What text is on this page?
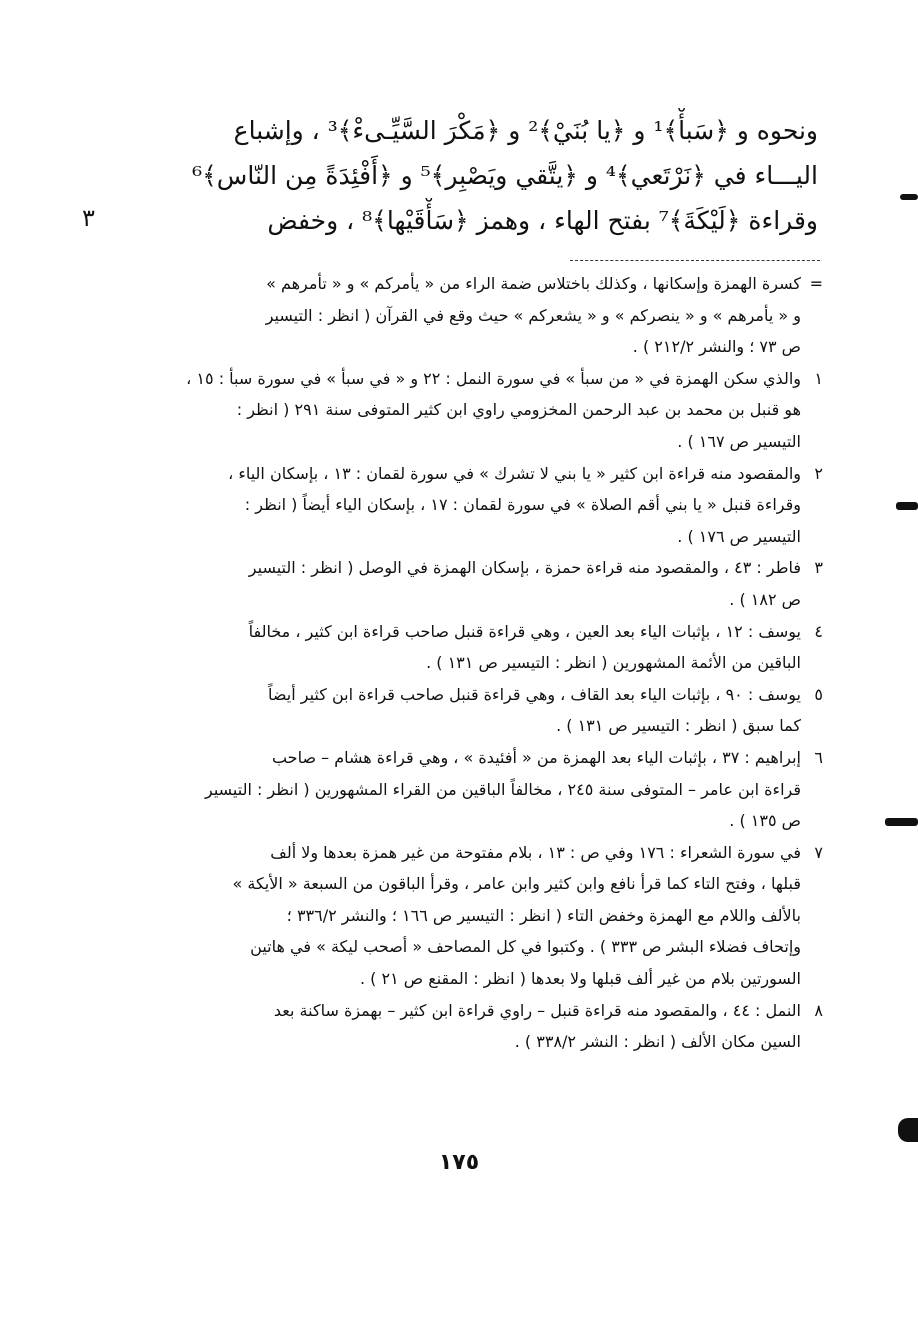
ونحوه و ﴿سَبأْ﴾¹ و ﴿يا بُنَيْ﴾² و ﴿مَكْرَ السَّيِّـىءْ﴾³ ، وإشباع
اليـــاء في ﴿نَرْتَعي﴾⁴ و ﴿يتَّقي ويَصْبِر﴾⁵ و ﴿أَفْئِدَةً مِن النّاس﴾⁶
وقراءة ﴿لَيْكَةَ﴾⁷ بفتح الهاء ، وهمز ﴿سَأْقَيْها﴾⁸ ، وخفض
٣
=
كسرة الهمزة وإسكانها ، وكذلك باختلاس ضمة الراء من « يأمركم » و « تأمرهم »
و « يأمرهم » و « ينصركم » و « يشعركم » حيث وقع في القرآن ( انظر : التيسير
ص ٧٣ ؛ والنشر ٢١٢/٢ ) .
١
والذي سكن الهمزة في « من سبأ » في سورة النمل : ٢٢ و « في سبأ » في سورة سبأ : ١٥ ،
هو قنبل بن محمد بن عبد الرحمن المخزومي راوي ابن كثير المتوفى سنة ٢٩١ ( انظر :
التيسير ص ١٦٧ ) .
٢
والمقصود منه قراءة ابن كثير « يا بني لا تشرك » في سورة لقمان : ١٣ ، بإسكان الياء ،
وقراءة قنبل « يا بني أقم الصلاة » في سورة لقمان : ١٧ ، بإسكان الياء أيضاً ( انظر :
التيسير ص ١٧٦ ) .
٣
فاطر : ٤٣ ، والمقصود منه قراءة حمزة ، بإسكان الهمزة في الوصل ( انظر : التيسير
ص ١٨٢ ) .
٤
يوسف : ١٢ ، بإثبات الياء بعد العين ، وهي قراءة قنبل صاحب قراءة ابن كثير ، مخالفاً
الباقين من الأئمة المشهورين ( انظر : التيسير ص ١٣١ ) .
٥
يوسف : ٩٠ ، بإثبات الياء بعد القاف ، وهي قراءة قنبل صاحب قراءة ابن كثير أيضاً
كما سبق ( انظر : التيسير ص ١٣١ ) .
٦
إبراهيم : ٣٧ ، بإثبات الياء بعد الهمزة من « أفئيدة » ، وهي قراءة هشام – صاحب
قراءة ابن عامر – المتوفى سنة ٢٤٥ ، مخالفاً الباقين من القراء المشهورين ( انظر : التيسير
ص ١٣٥ ) .
٧
في سورة الشعراء : ١٧٦ وفي ص : ١٣ ، بلام مفتوحة من غير همزة بعدها ولا ألف
قبلها ، وفتح التاء كما قرأ نافع وابن كثير وابن عامر ، وقرأ الباقون من السبعة « الأيكة »
بالألف واللام مع الهمزة وخفض التاء ( انظر : التيسير ص ١٦٦ ؛ والنشر ٣٣٦/٢ ؛
وإتحاف فضلاء البشر ص ٣٣٣ ) . وكتبوا في كل المصاحف « أصحب ليكة » في هاتين
السورتين بلام من غير ألف قبلها ولا بعدها ( انظر : المقنع ص ٢١ ) .
٨
النمل : ٤٤ ، والمقصود منه قراءة قنبل – راوي قراءة ابن كثير – بهمزة ساكنة بعد
السين مكان الألف ( انظر : النشر ٣٣٨/٢ ) .
١٧٥
